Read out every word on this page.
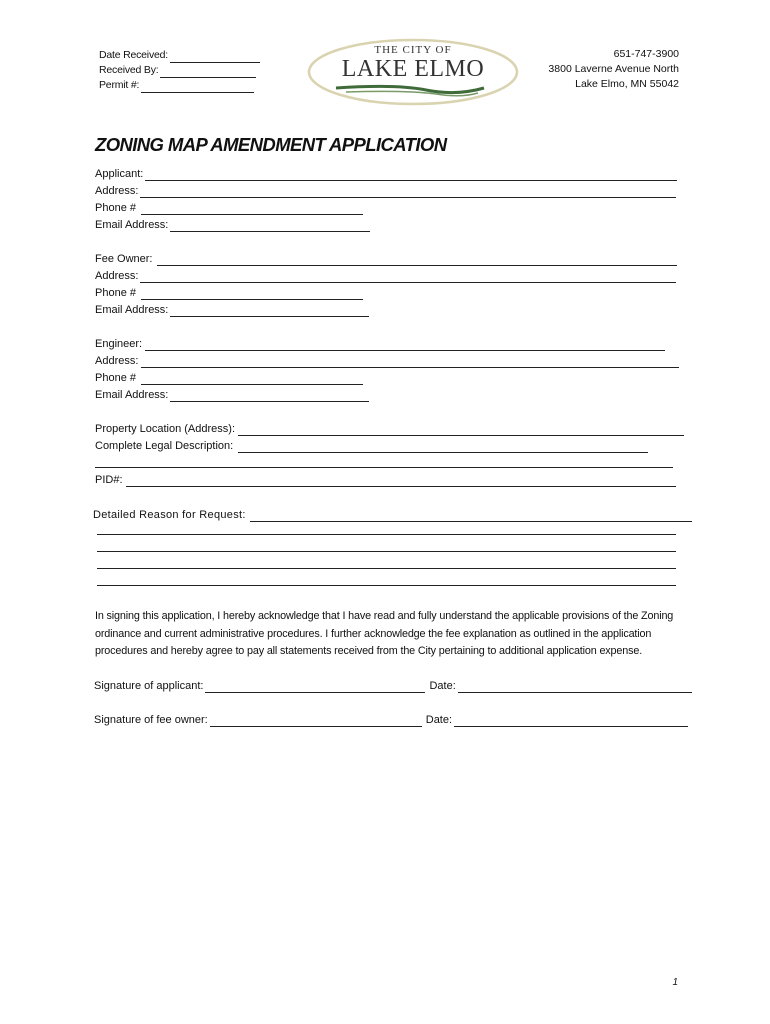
Date Received:
Received By:
Permit #:
THE CITY OF
LAKE ELMO
651-747-3900
3800 Laverne Avenue North
Lake Elmo, MN 55042
ZONING MAP AMENDMENT APPLICATION
Applicant:
Address:
Phone #
Email Address:
Fee Owner:
Address:
Phone #
Email Address:
Engineer:
Address:
Phone #
Email Address:
Property Location (Address):
Complete Legal Description:
PID#:
Detailed Reason for Request:
In signing this application, I hereby acknowledge that I have read and fully understand the applicable provisions of the Zoning
ordinance and current administrative procedures. I further acknowledge the fee explanation as outlined in the application
procedures and hereby agree to pay all statements received from the City pertaining to additional application expense.
Signature of applicant:	Date:
Signature of fee owner:	Date:
1
